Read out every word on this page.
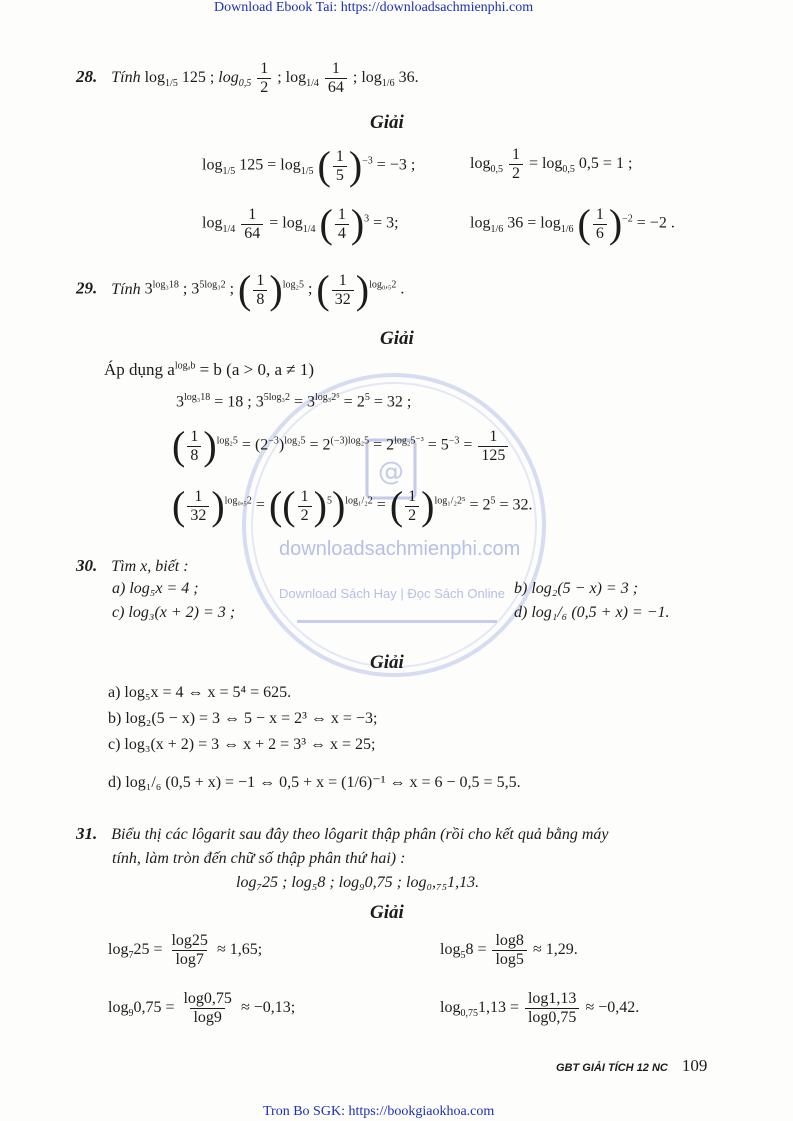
Download Ebook Tai: https://downloadsachmienphi.com
@
downloadsachmienphi.com
Download Sách Hay | Đọc Sách Online
28. Tính $\log_{1/5} 125$ ; $\log_{0,5} \frac{1}{2}$ ; $\log_{1/4} \frac{1}{64}$ ; $\log_{1/6} 36$.
Giải
$\log_{1/5} 125 = \log_{1/5}$ ( $\frac{1}{5} )^{-3} = -3$ ;	$\log_{0,5} \frac{1}{2} = \log_{0,5} 0,5 = 1$ ;
$\log_{1/4} \frac{1}{64} = \log_{1/4}$ ( $\frac{1}{4} )^3 = 3$;	$\log_{1/6} 36 = \log_{1/6}$ ( $\frac{1}{6} )^{-2} = -2$ .
29. Tính $3^{log_318}$ ; $3^{5log_32}$ ; ( $\frac{1}{8} )^{log_25}$ ; ( $\frac{1}{32} )^{log_0,_52}$ .
Giải
Áp dụng $a^{log_ab} = b$ (a > 0, a ≠ 1)
$3^{log_318} = 18$ ; $3^{5log_32} = 3^{log_32^5} = 2^5 = 32$ ;
( $\frac{1}{8} )^{log_25} = (2^{-3})^{log_25} = 2^{(-3)log_25} = 2^{log_25^{-3}} = 5^{-3} = \frac{1}{125}$
( $\frac{1}{32} )^{log_0,_52}$ = (( $\frac{1}{2} )^5)^{log_1/_22}$ = ( $\frac{1}{2} )^{log_1/_22^5} = 2^5 = 32$.
30. Tìm x, biết :
a) log₅x = 4 ;	b) log₂(5 − x) = 3 ;
c) log₃(x + 2) = 3 ;	d) log₁/₆ (0,5 + x) = −1.
Giải
a) log₅x = 4 ⇔ x = 5⁴ = 625.
b) log₂(5 − x) = 3 ⇔ 5 − x = 2³ ⇔ x = −3;
c) log₃(x + 2) = 3 ⇔ x + 2 = 3³ ⇔ x = 25;
d) log₁/₆ (0,5 + x) = −1 ⇔ 0,5 + x = (1/6)⁻¹ ⇔ x = 6 − 0,5 = 5,5.
31. Biểu thị các lôgarit sau đây theo lôgarit thập phân (rồi cho kết quả bằng máy
tính, làm tròn đến chữ số thập phân thứ hai) :
log₇25 ; log₅8 ; log₉0,75 ; log₀,₇₅1,13.
Giải
$\log_725 = \frac{\log 25}{\log 7} \approx 1,65$;	$\log_58 = \frac{\log 8}{\log 5} \approx 1,29$.
$\log_90,75 = \frac{\log 0,75}{\log 9} \approx -0,13$;	$\log_{0,75}1,13 = \frac{\log 1,13}{\log 0,75} \approx -0,42$.
GBT GIẢI TÍCH 12 NC 109
Tron Bo SGK: https://bookgiaokhoa.com
